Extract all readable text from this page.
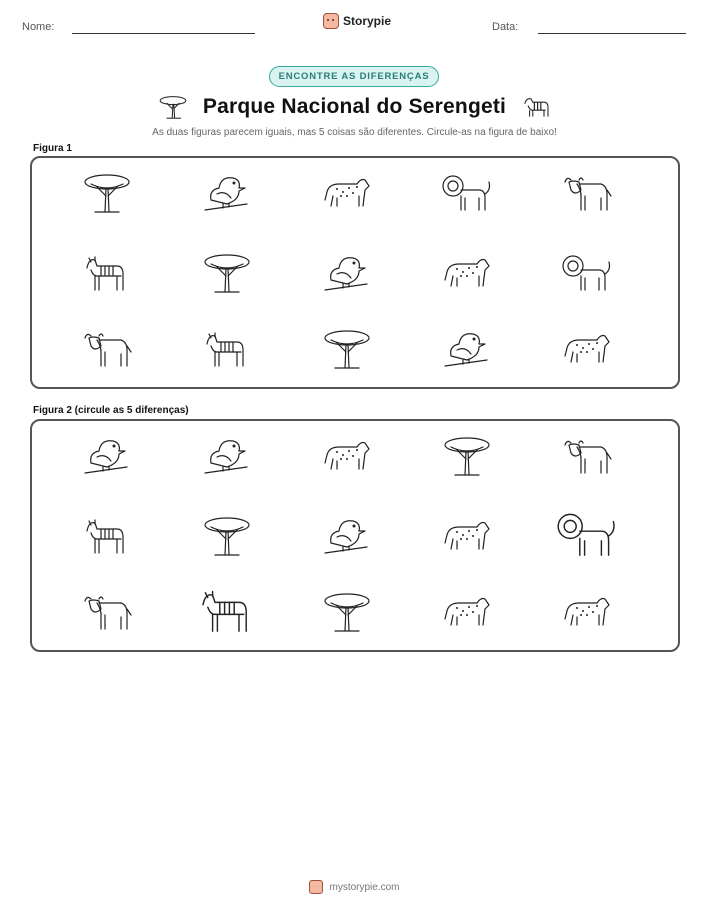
Nome:	Storypie	Data:
ENCONTRE AS DIFERENÇAS
Parque Nacional do Serengeti
As duas figuras parecem iguais, mas 5 coisas são diferentes. Circule-as na figura de baixo!
Figura 1
Figura 2 (circule as 5 diferenças)
mystorypie.com
